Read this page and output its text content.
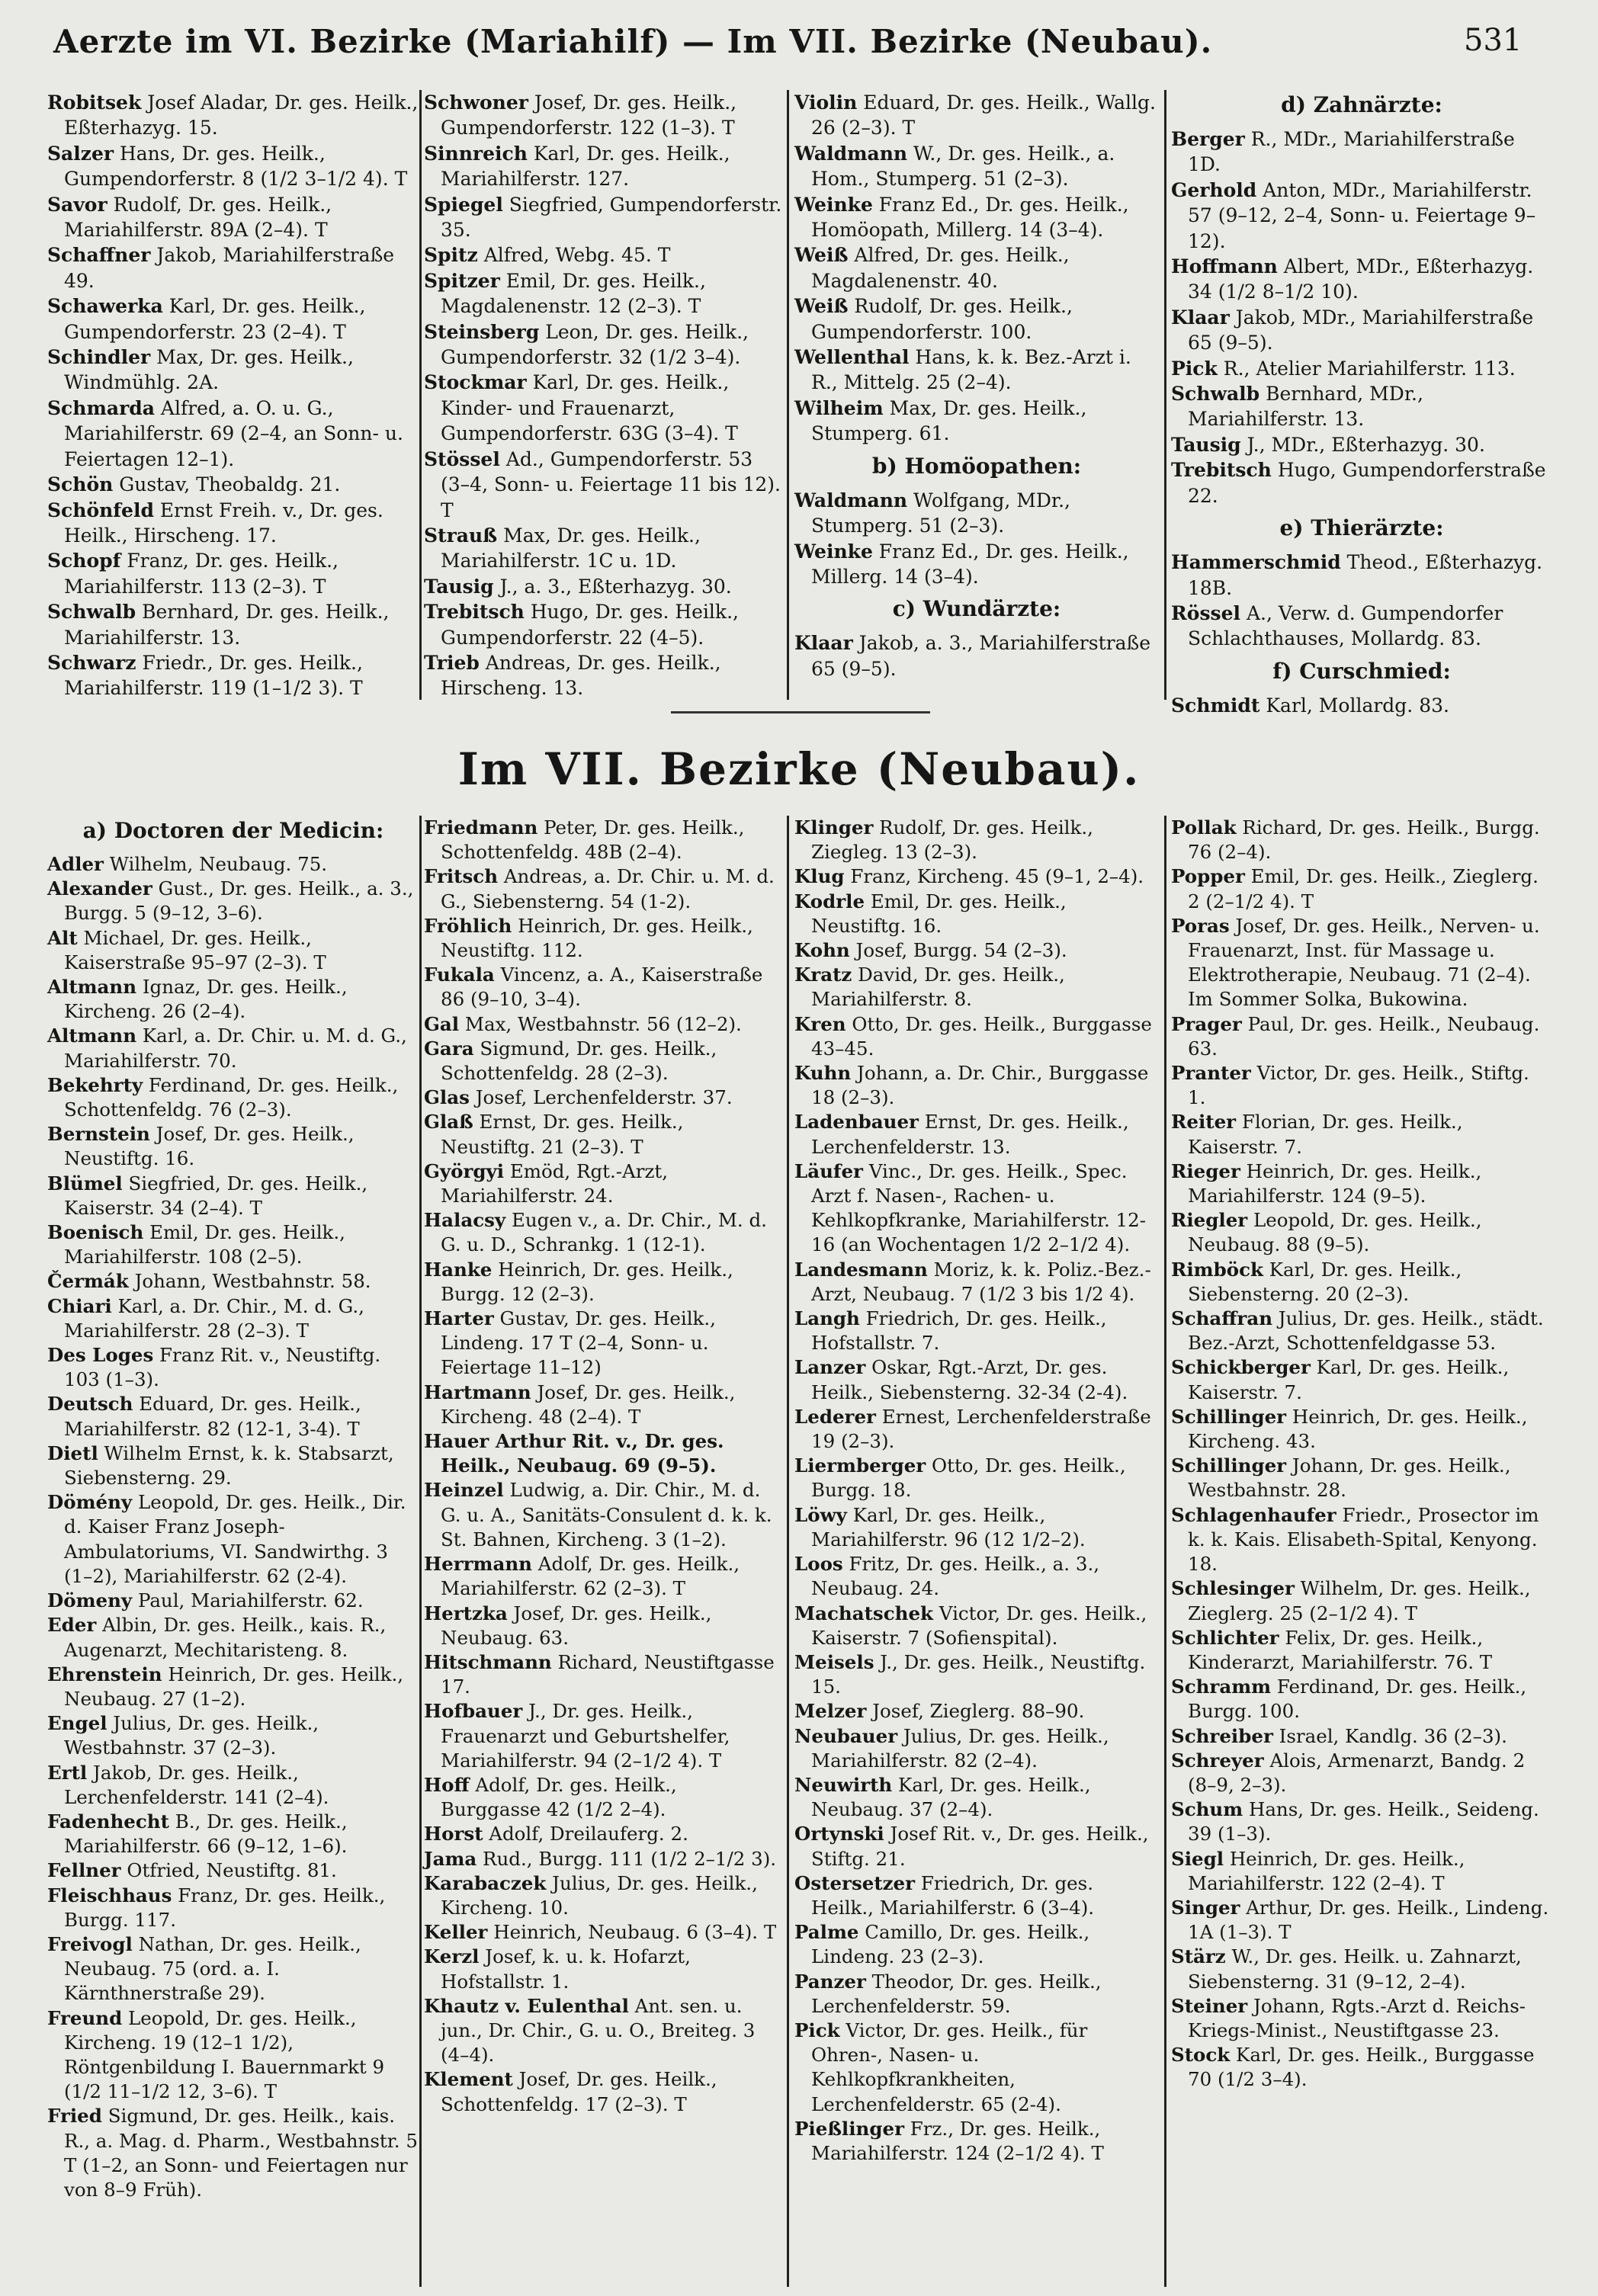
Aerzte im VI. Bezirke (Mariahilf) — Im VII. Bezirke (Neubau).	531
Robitsek Josef Aladar, Dr. ges. Heilk., Eßterhazyg. 15.
Salzer Hans, Dr. ges. Heilk., Gumpendorferstr. 8 (1/2 3–1/2 4). T
Savor Rudolf, Dr. ges. Heilk., Mariahilferstr. 89A (2–4). T
Schaffner Jakob, Mariahilferstraße 49.
Schawerka Karl, Dr. ges. Heilk., Gumpendorferstr. 23 (2–4). T
Schindler Max, Dr. ges. Heilk., Windmühlg. 2A.
Schmarda Alfred, a. O. u. G., Mariahilferstr. 69 (2–4, an Sonn- u. Feiertagen 12–1).
Schön Gustav, Theobaldg. 21.
Schönfeld Ernst Freih. v., Dr. ges. Heilk., Hirscheng. 17.
Schopf Franz, Dr. ges. Heilk., Mariahilferstr. 113 (2–3). T
Schwalb Bernhard, Dr. ges. Heilk., Mariahilferstr. 13.
Schwarz Friedr., Dr. ges. Heilk., Mariahilferstr. 119 (1–1/2 3). T
Schwoner Josef, Dr. ges. Heilk., Gumpendorferstr. 122 (1–3). T
Sinnreich Karl, Dr. ges. Heilk., Mariahilferstr. 127.
Spiegel Siegfried, Gumpendorferstr. 35.
Spitz Alfred, Webg. 45. T
Spitzer Emil, Dr. ges. Heilk., Magdalenenstr. 12 (2–3). T
Steinsberg Leon, Dr. ges. Heilk., Gumpendorferstr. 32 (1/2 3–4).
Stockmar Karl, Dr. ges. Heilk., Kinder- und Frauenarzt, Gumpendorferstr. 63G (3–4). T
Stössel Ad., Gumpendorferstr. 53 (3–4, Sonn- u. Feiertage 11 bis 12). T
Strauß Max, Dr. ges. Heilk., Mariahilferstr. 1C u. 1D.
Tausig J., a. 3., Eßterhazyg. 30.
Trebitsch Hugo, Dr. ges. Heilk., Gumpendorferstr. 22 (4–5).
Trieb Andreas, Dr. ges. Heilk., Hirscheng. 13.
Violin Eduard, Dr. ges. Heilk., Wallg. 26 (2–3). T
Waldmann W., Dr. ges. Heilk., a. Hom., Stumperg. 51 (2–3).
Weinke Franz Ed., Dr. ges. Heilk., Homöopath, Millerg. 14 (3–4).
Weiß Alfred, Dr. ges. Heilk., Magdalenenstr. 40.
Weiß Rudolf, Dr. ges. Heilk., Gumpendorferstr. 100.
Wellenthal Hans, k. k. Bez.-Arzt i. R., Mittelg. 25 (2–4).
Wilheim Max, Dr. ges. Heilk., Stumperg. 61.
b) Homöopathen:
Waldmann Wolfgang, MDr., Stumperg. 51 (2–3).
Weinke Franz Ed., Dr. ges. Heilk., Millerg. 14 (3–4).
c) Wundärzte:
Klaar Jakob, a. 3., Mariahilferstraße 65 (9–5).
d) Zahnärzte:
Berger R., MDr., Mariahilferstraße 1D.
Gerhold Anton, MDr., Mariahilferstr. 57 (9–12, 2–4, Sonn- u. Feiertage 9–12).
Hoffmann Albert, MDr., Eßterhazyg. 34 (1/2 8–1/2 10).
Klaar Jakob, MDr., Mariahilferstraße 65 (9–5).
Pick R., Atelier Mariahilferstr. 113.
Schwalb Bernhard, MDr., Mariahilferstr. 13.
Tausig J., MDr., Eßterhazyg. 30.
Trebitsch Hugo, Gumpendorferstraße 22.
e) Thierärzte:
Hammerschmid Theod., Eßterhazyg. 18B.
Rössel A., Verw. d. Gumpendorfer Schlachthauses, Mollardg. 83.
f) Curschmied:
Schmidt Karl, Mollardg. 83.
Im VII. Bezirke (Neubau).
a) Doctoren der Medicin:
Adler Wilhelm, Neubaug. 75.
Alexander Gust., Dr. ges. Heilk., a. 3., Burgg. 5 (9–12, 3–6).
Alt Michael, Dr. ges. Heilk., Kaiserstraße 95–97 (2–3). T
Altmann Ignaz, Dr. ges. Heilk., Kircheng. 26 (2–4).
Altmann Karl, a. Dr. Chir. u. M. d. G., Mariahilferstr. 70.
Bekehrty Ferdinand, Dr. ges. Heilk., Schottenfeldg. 76 (2–3).
Bernstein Josef, Dr. ges. Heilk., Neustiftg. 16.
Blümel Siegfried, Dr. ges. Heilk., Kaiserstr. 34 (2–4). T
Boenisch Emil, Dr. ges. Heilk., Mariahilferstr. 108 (2–5).
Čermák Johann, Westbahnstr. 58.
Chiari Karl, a. Dr. Chir., M. d. G., Mariahilferstr. 28 (2–3). T
Des Loges Franz Rit. v., Neustiftg. 103 (1–3).
Deutsch Eduard, Dr. ges. Heilk., Mariahilferstr. 82 (12-1, 3-4). T
Dietl Wilhelm Ernst, k. k. Stabsarzt, Siebensterng. 29.
Dömény Leopold, Dr. ges. Heilk., Dir. d. Kaiser Franz Joseph-Ambulatoriums, VI. Sandwirthg. 3 (1–2), Mariahilferstr. 62 (2-4).
Dömeny Paul, Mariahilferstr. 62.
Eder Albin, Dr. ges. Heilk., kais. R., Augenarzt, Mechitaristeng. 8.
Ehrenstein Heinrich, Dr. ges. Heilk., Neubaug. 27 (1–2).
Engel Julius, Dr. ges. Heilk., Westbahnstr. 37 (2–3).
Ertl Jakob, Dr. ges. Heilk., Lerchenfelderstr. 141 (2–4).
Fadenhecht B., Dr. ges. Heilk., Mariahilferstr. 66 (9–12, 1–6).
Fellner Otfried, Neustiftg. 81.
Fleischhaus Franz, Dr. ges. Heilk., Burgg. 117.
Freivogl Nathan, Dr. ges. Heilk., Neubaug. 75 (ord. a. I. Kärnthnerstraße 29).
Freund Leopold, Dr. ges. Heilk., Kircheng. 19 (12–1 1/2), Röntgenbildung I. Bauernmarkt 9 (1/2 11–1/2 12, 3–6). T
Fried Sigmund, Dr. ges. Heilk., kais. R., a. Mag. d. Pharm., Westbahnstr. 5 T (1–2, an Sonn- und Feiertagen nur von 8–9 Früh).
Friedmann Peter, Dr. ges. Heilk., Schottenfeldg. 48B (2–4).
Fritsch Andreas, a. Dr. Chir. u. M. d. G., Siebensterng. 54 (1-2).
Fröhlich Heinrich, Dr. ges. Heilk., Neustiftg. 112.
Fukala Vincenz, a. A., Kaiserstraße 86 (9–10, 3–4).
Gal Max, Westbahnstr. 56 (12–2).
Gara Sigmund, Dr. ges. Heilk., Schottenfeldg. 28 (2–3).
Glas Josef, Lerchenfelderstr. 37.
Glaß Ernst, Dr. ges. Heilk., Neustiftg. 21 (2–3). T
Györgyi Emöd, Rgt.-Arzt, Mariahilferstr. 24.
Halacsy Eugen v., a. Dr. Chir., M. d. G. u. D., Schrankg. 1 (12-1).
Hanke Heinrich, Dr. ges. Heilk., Burgg. 12 (2–3).
Harter Gustav, Dr. ges. Heilk., Lindeng. 17 T (2–4, Sonn- u. Feiertage 11–12)
Hartmann Josef, Dr. ges. Heilk., Kircheng. 48 (2–4). T
Hauer Arthur Rit. v., Dr. ges. Heilk., Neubaug. 69 (9–5).
Heinzel Ludwig, a. Dir. Chir., M. d. G. u. A., Sanitäts-Consulent d. k. k. St. Bahnen, Kircheng. 3 (1–2).
Herrmann Adolf, Dr. ges. Heilk., Mariahilferstr. 62 (2–3). T
Hertzka Josef, Dr. ges. Heilk., Neubaug. 63.
Hitschmann Richard, Neustiftgasse 17.
Hofbauer J., Dr. ges. Heilk., Frauenarzt und Geburtshelfer, Mariahilferstr. 94 (2–1/2 4). T
Hoff Adolf, Dr. ges. Heilk., Burggasse 42 (1/2 2–4).
Horst Adolf, Dreilauferg. 2.
Jama Rud., Burgg. 111 (1/2 2–1/2 3).
Karabaczek Julius, Dr. ges. Heilk., Kircheng. 10.
Keller Heinrich, Neubaug. 6 (3–4). T
Kerzl Josef, k. u. k. Hofarzt, Hofstallstr. 1.
Khautz v. Eulenthal Ant. sen. u. jun., Dr. Chir., G. u. O., Breiteg. 3 (4–4).
Klement Josef, Dr. ges. Heilk., Schottenfeldg. 17 (2–3). T
Klinger Rudolf, Dr. ges. Heilk., Ziegleg. 13 (2–3).
Klug Franz, Kircheng. 45 (9–1, 2–4).
Kodrle Emil, Dr. ges. Heilk., Neustiftg. 16.
Kohn Josef, Burgg. 54 (2–3).
Kratz David, Dr. ges. Heilk., Mariahilferstr. 8.
Kren Otto, Dr. ges. Heilk., Burggasse 43–45.
Kuhn Johann, a. Dr. Chir., Burggasse 18 (2–3).
Ladenbauer Ernst, Dr. ges. Heilk., Lerchenfelderstr. 13.
Läufer Vinc., Dr. ges. Heilk., Spec. Arzt f. Nasen-, Rachen- u. Kehlkopfkranke, Mariahilferstr. 12-16 (an Wochentagen 1/2 2–1/2 4).
Landesmann Moriz, k. k. Poliz.-Bez.-Arzt, Neubaug. 7 (1/2 3 bis 1/2 4).
Langh Friedrich, Dr. ges. Heilk., Hofstallstr. 7.
Lanzer Oskar, Rgt.-Arzt, Dr. ges. Heilk., Siebensterng. 32-34 (2-4).
Lederer Ernest, Lerchenfelderstraße 19 (2–3).
Liermberger Otto, Dr. ges. Heilk., Burgg. 18.
Löwy Karl, Dr. ges. Heilk., Mariahilferstr. 96 (12 1/2–2).
Loos Fritz, Dr. ges. Heilk., a. 3., Neubaug. 24.
Machatschek Victor, Dr. ges. Heilk., Kaiserstr. 7 (Sofienspital).
Meisels J., Dr. ges. Heilk., Neustiftg. 15.
Melzer Josef, Zieglerg. 88–90.
Neubauer Julius, Dr. ges. Heilk., Mariahilferstr. 82 (2–4).
Neuwirth Karl, Dr. ges. Heilk., Neubaug. 37 (2–4).
Ortynski Josef Rit. v., Dr. ges. Heilk., Stiftg. 21.
Ostersetzer Friedrich, Dr. ges. Heilk., Mariahilferstr. 6 (3–4).
Palme Camillo, Dr. ges. Heilk., Lindeng. 23 (2–3).
Panzer Theodor, Dr. ges. Heilk., Lerchenfelderstr. 59.
Pick Victor, Dr. ges. Heilk., für Ohren-, Nasen- u. Kehlkopfkrankheiten, Lerchenfelderstr. 65 (2-4).
Pießlinger Frz., Dr. ges. Heilk., Mariahilferstr. 124 (2–1/2 4). T
Pollak Richard, Dr. ges. Heilk., Burgg. 76 (2–4).
Popper Emil, Dr. ges. Heilk., Zieglerg. 2 (2–1/2 4). T
Poras Josef, Dr. ges. Heilk., Nerven- u. Frauenarzt, Inst. für Massage u. Elektrotherapie, Neubaug. 71 (2–4). Im Sommer Solka, Bukowina.
Prager Paul, Dr. ges. Heilk., Neubaug. 63.
Pranter Victor, Dr. ges. Heilk., Stiftg. 1.
Reiter Florian, Dr. ges. Heilk., Kaiserstr. 7.
Rieger Heinrich, Dr. ges. Heilk., Mariahilferstr. 124 (9–5).
Riegler Leopold, Dr. ges. Heilk., Neubaug. 88 (9–5).
Rimböck Karl, Dr. ges. Heilk., Siebensterng. 20 (2–3).
Schaffran Julius, Dr. ges. Heilk., städt. Bez.-Arzt, Schottenfeldgasse 53.
Schickberger Karl, Dr. ges. Heilk., Kaiserstr. 7.
Schillinger Heinrich, Dr. ges. Heilk., Kircheng. 43.
Schillinger Johann, Dr. ges. Heilk., Westbahnstr. 28.
Schlagenhaufer Friedr., Prosector im k. k. Kais. Elisabeth-Spital, Kenyong. 18.
Schlesinger Wilhelm, Dr. ges. Heilk., Zieglerg. 25 (2–1/2 4). T
Schlichter Felix, Dr. ges. Heilk., Kinderarzt, Mariahilferstr. 76. T
Schramm Ferdinand, Dr. ges. Heilk., Burgg. 100.
Schreiber Israel, Kandlg. 36 (2–3).
Schreyer Alois, Armenarzt, Bandg. 2 (8–9, 2–3).
Schum Hans, Dr. ges. Heilk., Seideng. 39 (1–3).
Siegl Heinrich, Dr. ges. Heilk., Mariahilferstr. 122 (2–4). T
Singer Arthur, Dr. ges. Heilk., Lindeng. 1A (1–3). T
Stärz W., Dr. ges. Heilk. u. Zahnarzt, Siebensterng. 31 (9–12, 2–4).
Steiner Johann, Rgts.-Arzt d. Reichs-Kriegs-Minist., Neustiftgasse 23.
Stock Karl, Dr. ges. Heilk., Burggasse 70 (1/2 3–4).
